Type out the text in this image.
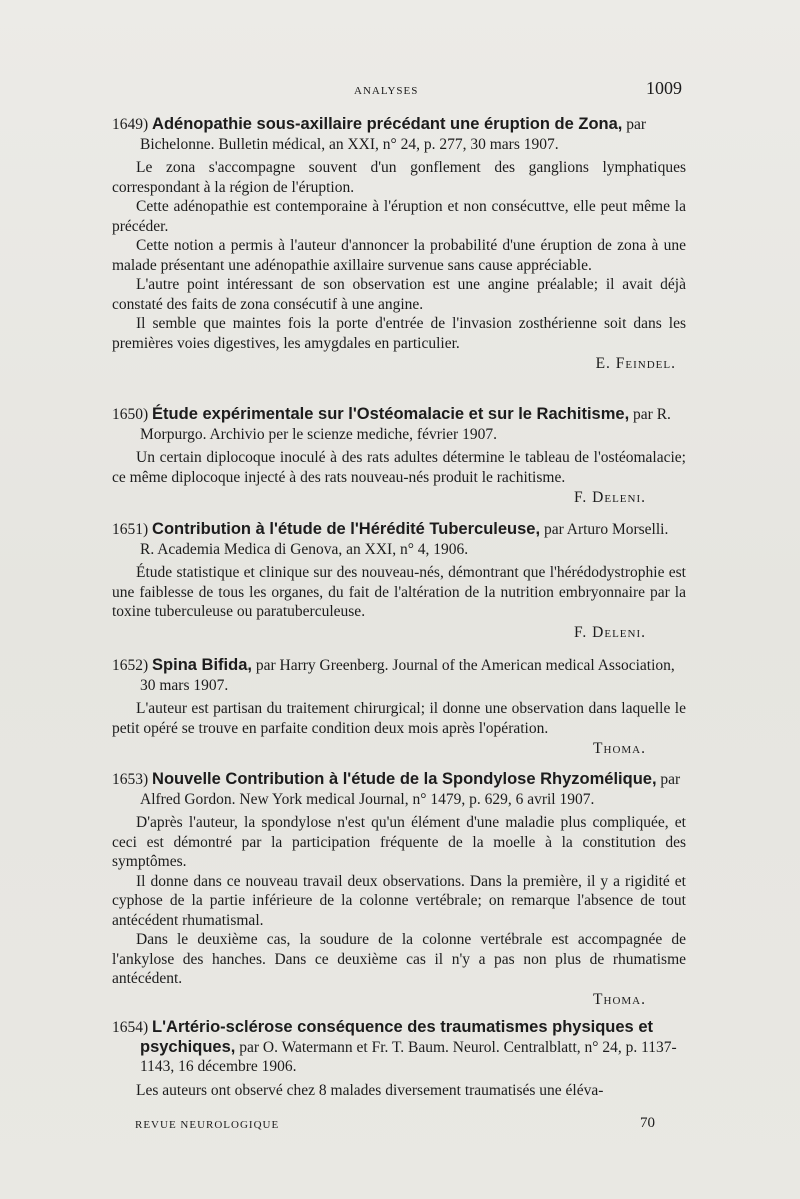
ANALYSES	1009
1649) Adénopathie sous-axillaire précédant une éruption de Zona, par Bichelonne. Bulletin médical, an XXI, n° 24, p. 277, 30 mars 1907.

Le zona s'accompagne souvent d'un gonflement des ganglions lymphatiques correspondant à la région de l'éruption.

Cette adénopathie est contemporaine à l'éruption et non consécuttve, elle peut même la précéder.

Cette notion a permis à l'auteur d'annoncer la probabilité d'une éruption de zona à une malade présentant une adénopathie axillaire survenue sans cause appréciable.

L'autre point intéressant de son observation est une angine préalable; il avait déjà constaté des faits de zona consécutif à une angine.

Il semble que maintes fois la porte d'entrée de l'invasion zosthérienne soit dans les premières voies digestives, les amygdales en particulier.

E. Feindel.
1650) Étude expérimentale sur l'Ostéomalacie et sur le Rachitisme, par R. Morpurgo. Archivio per le scienze mediche, février 1907.

Un certain diplocoque inoculé à des rats adultes détermine le tableau de l'ostéomalacie; ce même diplocoque injecté à des rats nouveau-nés produit le rachitisme.

F. Deleni.
1651) Contribution à l'étude de l'Hérédité Tuberculeuse, par Arturo Morselli. R. Academia Medica di Genova, an XXI, n° 4, 1906.

Étude statistique et clinique sur des nouveau-nés, démontrant que l'hérédodystrophie est une faiblesse de tous les organes, du fait de l'altération de la nutrition embryonnaire par la toxine tuberculeuse ou paratuberculeuse.

F. Deleni.
1652) Spina Bifida, par Harry Greenberg. Journal of the American medical Association, 30 mars 1907.

L'auteur est partisan du traitement chirurgical; il donne une observation dans laquelle le petit opéré se trouve en parfaite condition deux mois après l'opération.

Thoma.
1653) Nouvelle Contribution à l'étude de la Spondylose Rhyzomélique, par Alfred Gordon. New York medical Journal, n° 1479, p. 629, 6 avril 1907.

D'après l'auteur, la spondylose n'est qu'un élément d'une maladie plus compliquée, et ceci est démontré par la participation fréquente de la moelle à la constitution des symptômes.

Il donne dans ce nouveau travail deux observations. Dans la première, il y a rigidité et cyphose de la partie inférieure de la colonne vertébrale; on remarque l'absence de tout antécédent rhumatismal.

Dans le deuxième cas, la soudure de la colonne vertébrale est accompagnée de l'ankylose des hanches. Dans ce deuxième cas il n'y a pas non plus de rhumatisme antécédent.

Thoma.
1654) L'Artério-sclérose conséquence des traumatismes physiques et psychiques, par O. Watermann et Fr. T. Baum. Neurol. Centralblatt, n° 24, p. 1137-1143, 16 décembre 1906.

Les auteurs ont observé chez 8 malades diversement traumatisés une éléva-

REVUE NEUROLOGIQUE	70
